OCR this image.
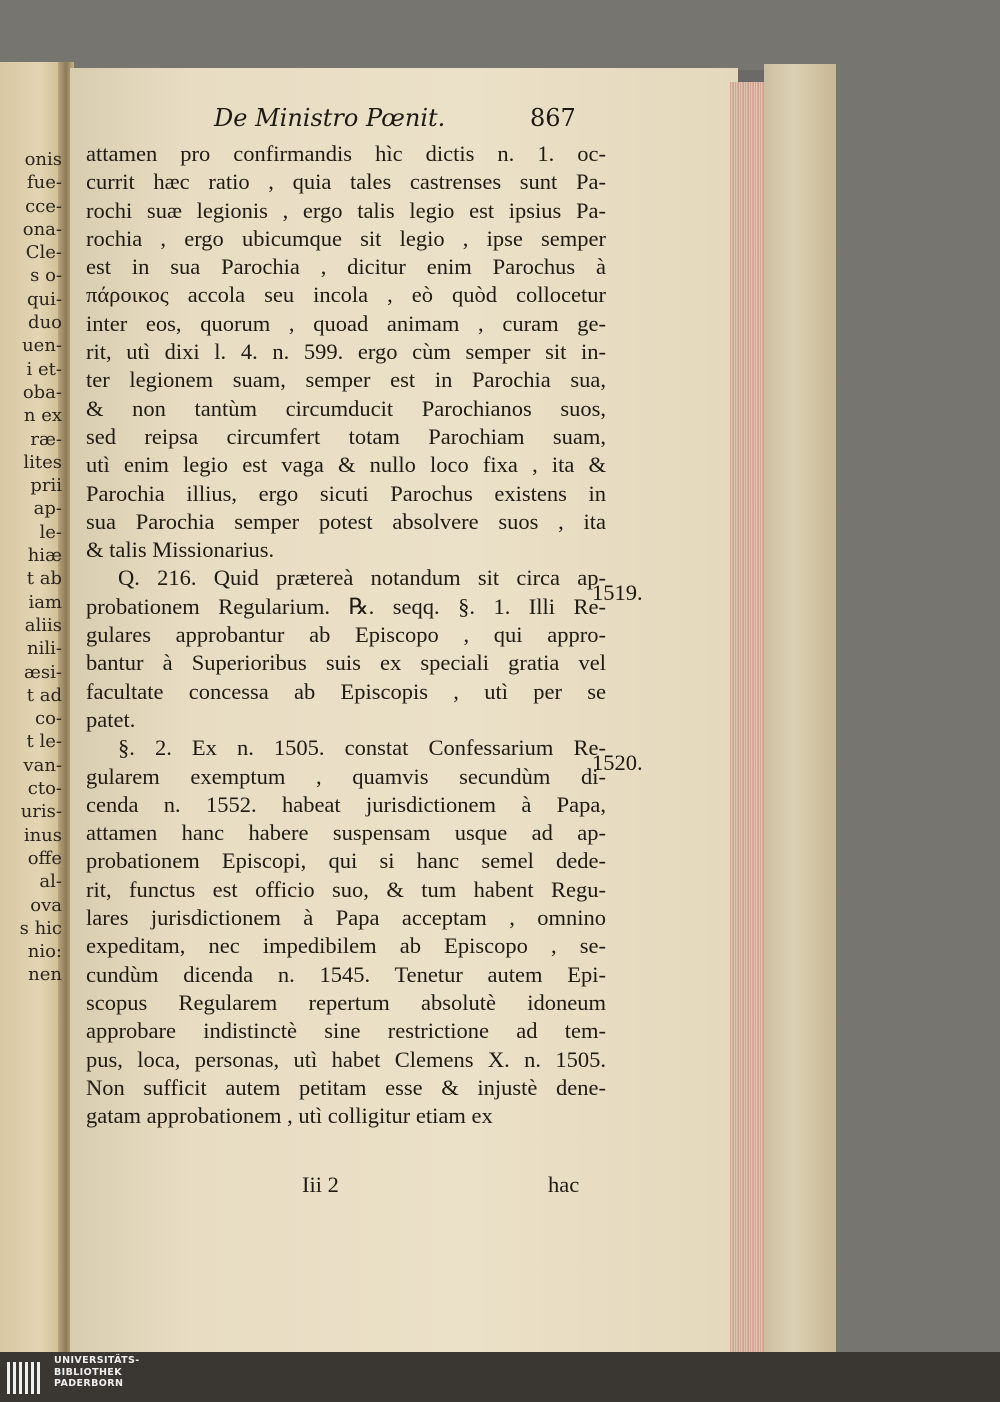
onis
fue-
cce-
ona-
Cle-
s o-
qui-
duo
uen-
i et-
oba-
n ex
ræ-
lites
prii
ap-
le-
hiæ
t ab
iam
aliis
nili-
æsi-
t ad
co-
t le-
van-
cto-
uris-
inus
offe
al-
ova
s hic
nio:
nen
De Ministro Pœnit.	867
attamen pro confirmandis hìc dictis n. 1. oc-
currit hæc ratio , quia tales castrenses sunt Pa-
rochi suæ legionis , ergo talis legio est ipsius Pa-
rochia , ergo ubicumque sit legio , ipse semper
est in sua Parochia , dicitur enim Parochus à
πάροικος accola seu incola , eò quòd collocetur
inter eos, quorum , quoad animam , curam ge-
rit, utì dixi l. 4. n. 599. ergo cùm semper sit in-
ter legionem suam, semper est in Parochia sua,
& non tantùm circumducit Parochianos suos,
sed reipsa circumfert totam Parochiam suam,
utì enim legio est vaga & nullo loco fixa , ita &
Parochia illius, ergo sicuti Parochus existens in
sua Parochia semper potest absolvere suos , ita
& talis Missionarius.
Q. 216. Quid prætereà notandum sit circa ap-
probationem Regularium. ℞. seqq. §. 1. Illi Re-
gulares approbantur ab Episcopo , qui appro-
bantur à Superioribus suis ex speciali gratia vel
facultate concessa ab Episcopis , utì per se
patet.
§. 2. Ex n. 1505. constat Confessarium Re-
gularem exemptum , quamvis secundùm di-
cenda n. 1552. habeat jurisdictionem à Papa,
attamen hanc habere suspensam usque ad ap-
probationem Episcopi, qui si hanc semel dede-
rit, functus est officio suo, & tum habent Regu-
lares jurisdictionem à Papa acceptam , omnino
expeditam, nec impedibilem ab Episcopo , se-
cundùm dicenda n. 1545. Tenetur autem Epi-
scopus Regularem repertum absolutè idoneum
approbare indistinctè sine restrictione ad tem-
pus, loca, personas, utì habet Clemens X. n. 1505.
Non sufficit autem petitam esse & injustè dene-
gatam approbationem , utì colligitur etiam ex
1519.
1520.
Iii 2	hac
UNIVERSITÄTS-
BIBLIOTHEK
PADERBORN
